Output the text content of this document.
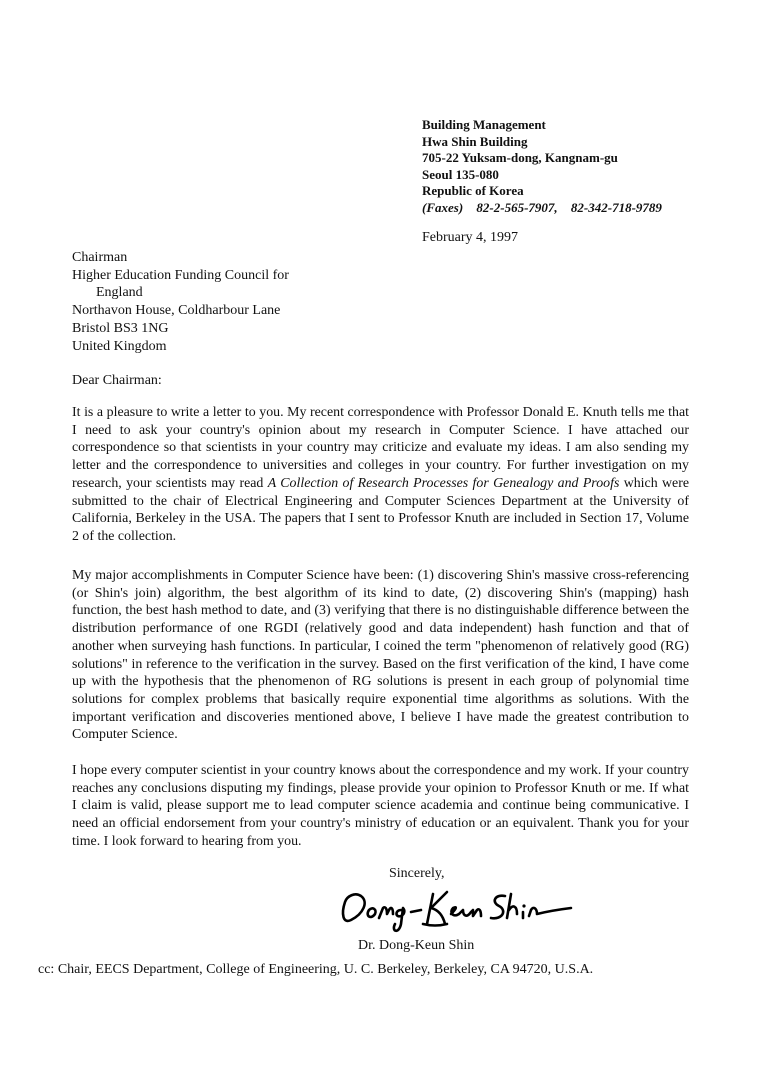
Building Management
Hwa Shin Building
705-22 Yuksam-dong, Kangnam-gu
Seoul 135-080
Republic of Korea
(Faxes) 82-2-565-7907, 82-342-718-9789
February 4, 1997
Chairman
Higher Education Funding Council for
England
Northavon House, Coldharbour Lane
Bristol BS3 1NG
United Kingdom
Dear Chairman:

It is a pleasure to write a letter to you. My recent correspondence with Professor Donald E. Knuth tells me that I need to ask your country's opinion about my research in Computer Science. I have attached our correspondence so that scientists in your country may criticize and evaluate my ideas. I am also sending my letter and the correspondence to universities and colleges in your country. For further investigation on my research, your scientists may read A Collection of Research Processes for Genealogy and Proofs which were submitted to the chair of Electrical Engineering and Computer Sciences Department at the University of California, Berkeley in the USA. The papers that I sent to Professor Knuth are included in Section 17, Volume 2 of the collection.

My major accomplishments in Computer Science have been: (1) discovering Shin's massive cross-referencing (or Shin's join) algorithm, the best algorithm of its kind to date, (2) discovering Shin's (mapping) hash function, the best hash method to date, and (3) verifying that there is no distinguishable difference between the distribution performance of one RGDI (relatively good and data independent) hash function and that of another when surveying hash functions. In particular, I coined the term "phenomenon of relatively good (RG) solutions" in reference to the verification in the survey. Based on the first verification of the kind, I have come up with the hypothesis that the phenomenon of RG solutions is present in each group of polynomial time solutions for complex problems that basically require exponential time algorithms as solutions. With the important verification and discoveries mentioned above, I believe I have made the greatest contribution to Computer Science.

I hope every computer scientist in your country knows about the correspondence and my work. If your country reaches any conclusions disputing my findings, please provide your opinion to Professor Knuth or me. If what I claim is valid, please support me to lead computer science academia and continue being communicative. I need an official endorsement from your country's ministry of education or an equivalent. Thank you for your time. I look forward to hearing from you.

Sincerely,
Dr. Dong-Keun Shin
cc: Chair, EECS Department, College of Engineering, U. C. Berkeley, Berkeley, CA 94720, U.S.A.
